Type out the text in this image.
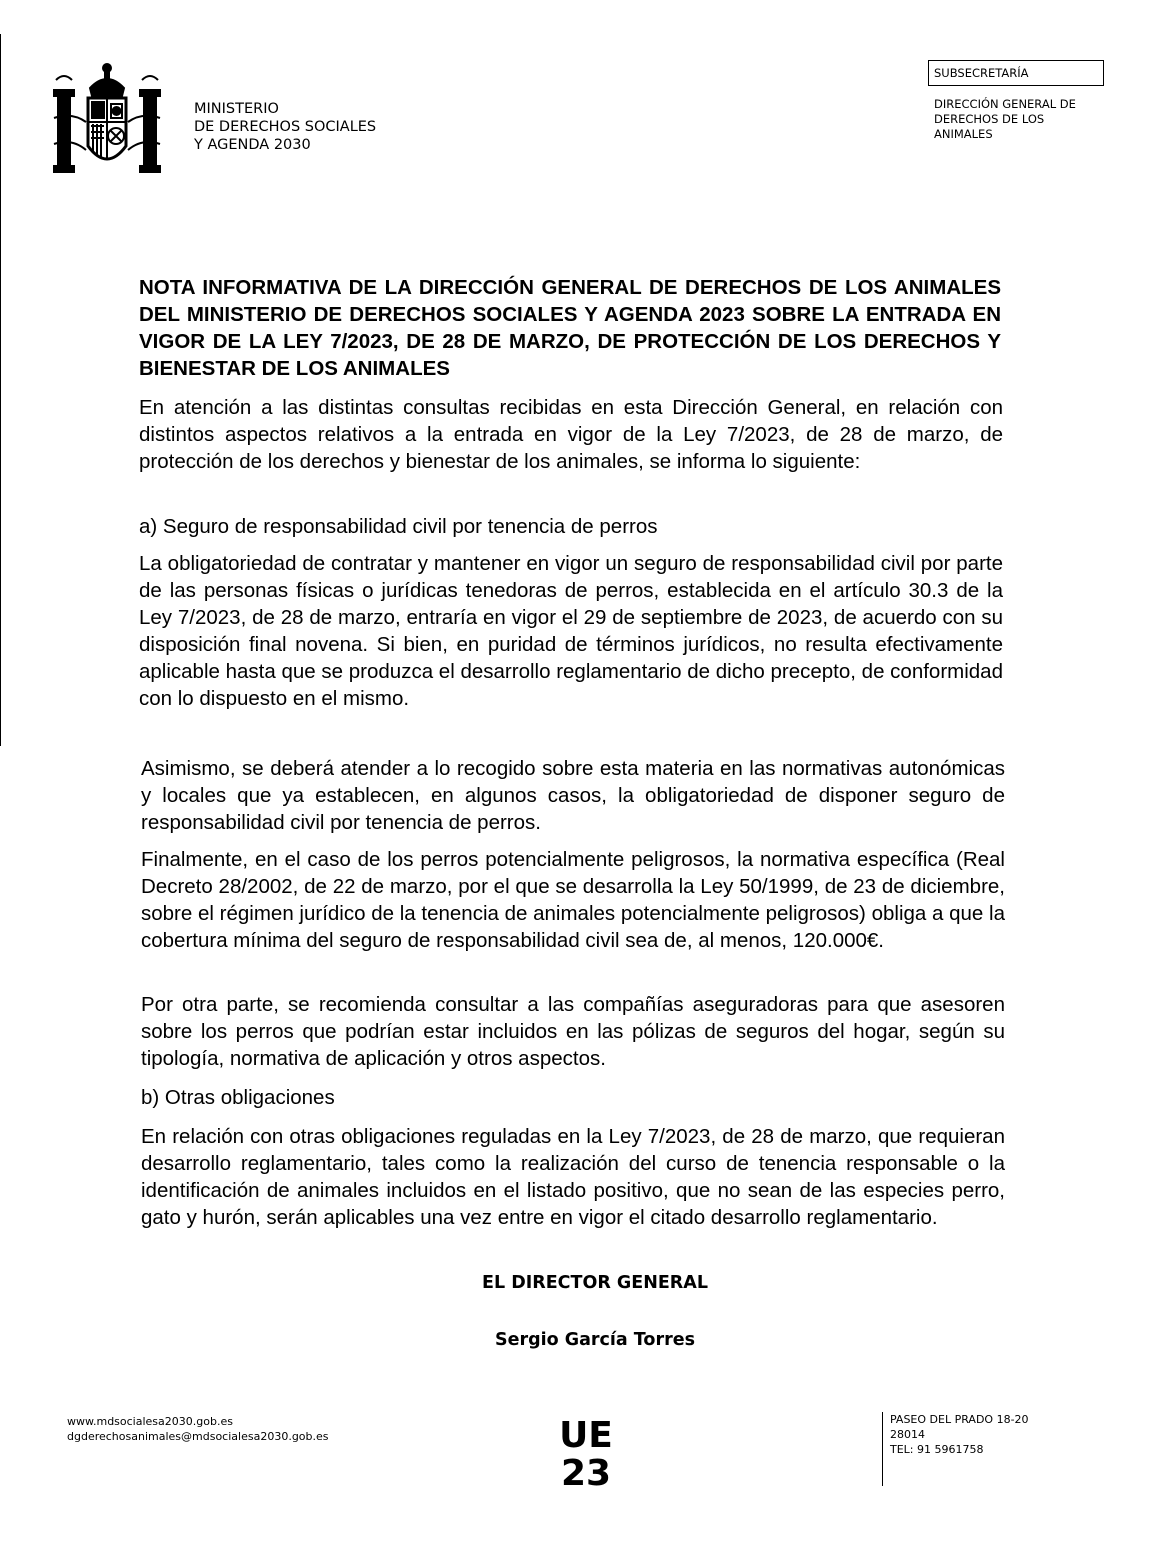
MINISTERIO
DE DERECHOS SOCIALES
Y AGENDA 2030
SUBSECRETARÍA
DIRECCIÓN GENERAL DE
DERECHOS DE LOS
ANIMALES
NOTA INFORMATIVA DE LA DIRECCIÓN GENERAL DE DERECHOS DE LOS ANIMALES DEL MINISTERIO DE DERECHOS SOCIALES Y AGENDA 2023 SOBRE LA ENTRADA EN VIGOR DE LA LEY 7/2023, DE 28 DE MARZO, DE PROTECCIÓN DE LOS DERECHOS Y BIENESTAR DE LOS ANIMALES
En atención a las distintas consultas recibidas en esta Dirección General, en relación con distintos aspectos relativos a la entrada en vigor de la Ley 7/2023, de 28 de marzo, de protección de los derechos y bienestar de los animales, se informa lo siguiente:
a) Seguro de responsabilidad civil por tenencia de perros
La obligatoriedad de contratar y mantener en vigor un seguro de responsabilidad civil por parte de las personas físicas o jurídicas tenedoras de perros, establecida en el artículo 30.3 de la Ley 7/2023, de 28 de marzo, entraría en vigor el 29 de septiembre de 2023, de acuerdo con su disposición final novena. Si bien, en puridad de términos jurídicos, no resulta efectivamente aplicable hasta que se produzca el desarrollo reglamentario de dicho precepto, de conformidad con lo dispuesto en el mismo.
Asimismo, se deberá atender a lo recogido sobre esta materia en las normativas autonómicas y locales que ya establecen, en algunos casos, la obligatoriedad de disponer seguro de responsabilidad civil por tenencia de perros.
Finalmente, en el caso de los perros potencialmente peligrosos, la normativa específica (Real Decreto 28/2002, de 22 de marzo, por el que se desarrolla la Ley 50/1999, de 23 de diciembre, sobre el régimen jurídico de la tenencia de animales potencialmente peligrosos) obliga a que la cobertura mínima del seguro de responsabilidad civil sea de, al menos, 120.000€.
Por otra parte, se recomienda consultar a las compañías aseguradoras para que asesoren sobre los perros que podrían estar incluidos en las pólizas de seguros del hogar, según su tipología, normativa de aplicación y otros aspectos.
b) Otras obligaciones
En relación con otras obligaciones reguladas en la Ley 7/2023, de 28 de marzo, que requieran desarrollo reglamentario, tales como la realización del curso de tenencia responsable o la identificación de animales incluidos en el listado positivo, que no sean de las especies perro, gato y hurón, serán aplicables una vez entre en vigor el citado desarrollo reglamentario.
EL DIRECTOR GENERAL
Sergio García Torres
www.mdsocialesa2030.gob.es
dgderechosanimales@mdsocialesa2030.gob.es	UE
23
PASEO DEL PRADO 18-20
28014
TEL: 91 5961758
